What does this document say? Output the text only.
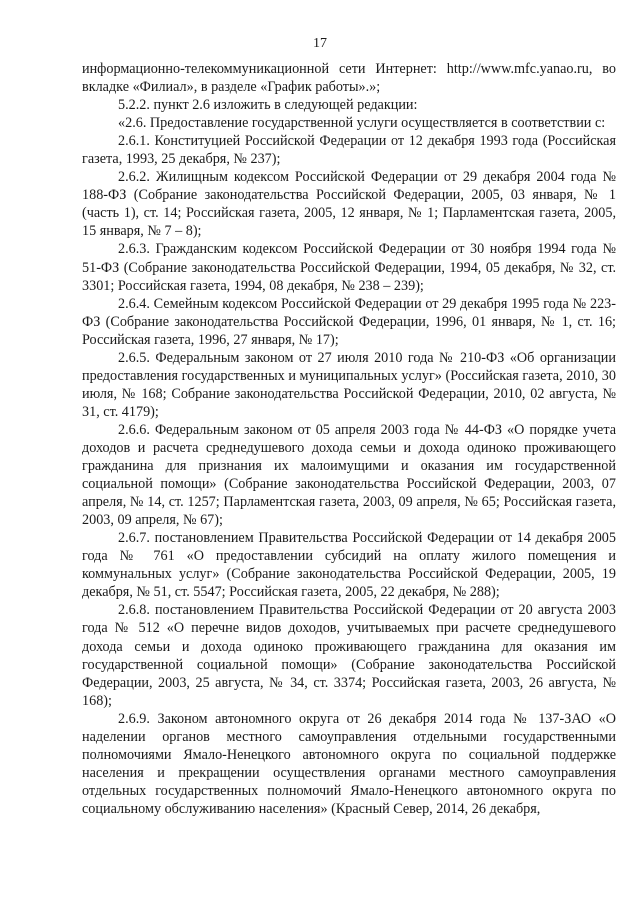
17

информационно-телекоммуникационной сети Интернет: http://www.mfc.yanao.ru, во вкладке «Филиал», в разделе «График работы».»;

5.2.2. пункт 2.6 изложить в следующей редакции:

«2.6. Предоставление государственной услуги осуществляется в соответствии с:

2.6.1. Конституцией Российской Федерации от 12 декабря 1993 года (Российская газета, 1993, 25 декабря, № 237);

2.6.2. Жилищным кодексом Российской Федерации от 29 декабря 2004 года № 188-ФЗ (Собрание законодательства Российской Федерации, 2005, 03 января, № 1 (часть 1), ст. 14; Российская газета, 2005, 12 января, № 1; Парламентская газета, 2005, 15 января, № 7 – 8);

2.6.3. Гражданским кодексом Российской Федерации от 30 ноября 1994 года № 51-ФЗ (Собрание законодательства Российской Федерации, 1994, 05 декабря, № 32, ст. 3301; Российская газета, 1994, 08 декабря, № 238 – 239);

2.6.4. Семейным кодексом Российской Федерации от 29 декабря 1995 года № 223-ФЗ (Собрание законодательства Российской Федерации, 1996, 01 января, № 1, ст. 16; Российская газета, 1996, 27 января, № 17);

2.6.5. Федеральным законом от 27 июля 2010 года № 210-ФЗ «Об организации предоставления государственных и муниципальных услуг» (Российская газета, 2010, 30 июля, № 168; Собрание законодательства Российской Федерации, 2010, 02 августа, № 31, ст. 4179);

2.6.6. Федеральным законом от 05 апреля 2003 года № 44-ФЗ «О порядке учета доходов и расчета среднедушевого дохода семьи и дохода одиноко проживающего гражданина для признания их малоимущими и оказания им государственной социальной помощи» (Собрание законодательства Российской Федерации, 2003, 07 апреля, № 14, ст. 1257; Парламентская газета, 2003, 09 апреля, № 65; Российская газета, 2003, 09 апреля, № 67);

2.6.7. постановлением Правительства Российской Федерации от 14 декабря 2005 года № 761 «О предоставлении субсидий на оплату жилого помещения и коммунальных услуг» (Собрание законодательства Российской Федерации, 2005, 19 декабря, № 51, ст. 5547; Российская газета, 2005, 22 декабря, № 288);

2.6.8. постановлением Правительства Российской Федерации от 20 августа 2003 года № 512 «О перечне видов доходов, учитываемых при расчете среднедушевого дохода семьи и дохода одиноко проживающего гражданина для оказания им государственной социальной помощи» (Собрание законодательства Российской Федерации, 2003, 25 августа, № 34, ст. 3374; Российская газета, 2003, 26 августа, № 168);

2.6.9. Законом автономного округа от 26 декабря 2014 года № 137-ЗАО «О наделении органов местного самоуправления отдельными государственными полномочиями Ямало-Ненецкого автономного округа по социальной поддержке населения и прекращении осуществления органами местного самоуправления отдельных государственных полномочий Ямало-Ненецкого автономного округа по социальному обслуживанию населения» (Красный Север, 2014, 26 декабря,
